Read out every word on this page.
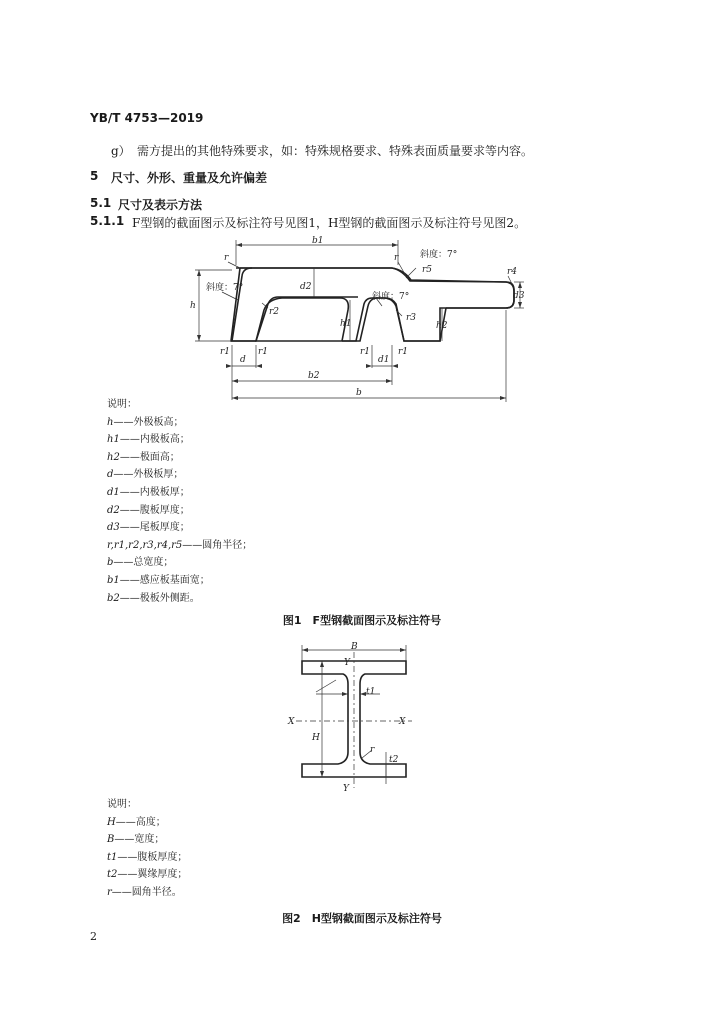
YB/T 4753—2019
g） 需方提出的其他特殊要求，如：特殊规格要求、特殊表面质量要求等内容。
5 尺寸、外形、重量及允许偏差
5.1 尺寸及表示方法
5.1.1 F型钢的截面图示及标注符号见图1，H型钢的截面图示及标注符号见图2。
b1
h
d2
h1	h2
d3
d	d1
b2
b
r	r
r5	r4
r2
r3
r1	r1	r1	r1
斜度：7°
斜度：7°
斜度：7°
说明：
h——外极板高；
h1——内极板高；
h2——极面高；
d——外极板厚；
d1——内极板厚；
d2——腹板厚度；
d3——尾板厚度；
r,r1,r2,r3,r4,r5——圆角半径；
b——总宽度；
b1——感应板基面宽；
b2——极板外侧距。
图1　F型钢截面图示及标注符号
B
Y
Y
X	X
H
t1
t2
r
说明：
H——高度；
B——宽度；
t1——腹板厚度；
t2——翼缘厚度；
r——圆角半径。
图2　H型钢截面图示及标注符号
2
